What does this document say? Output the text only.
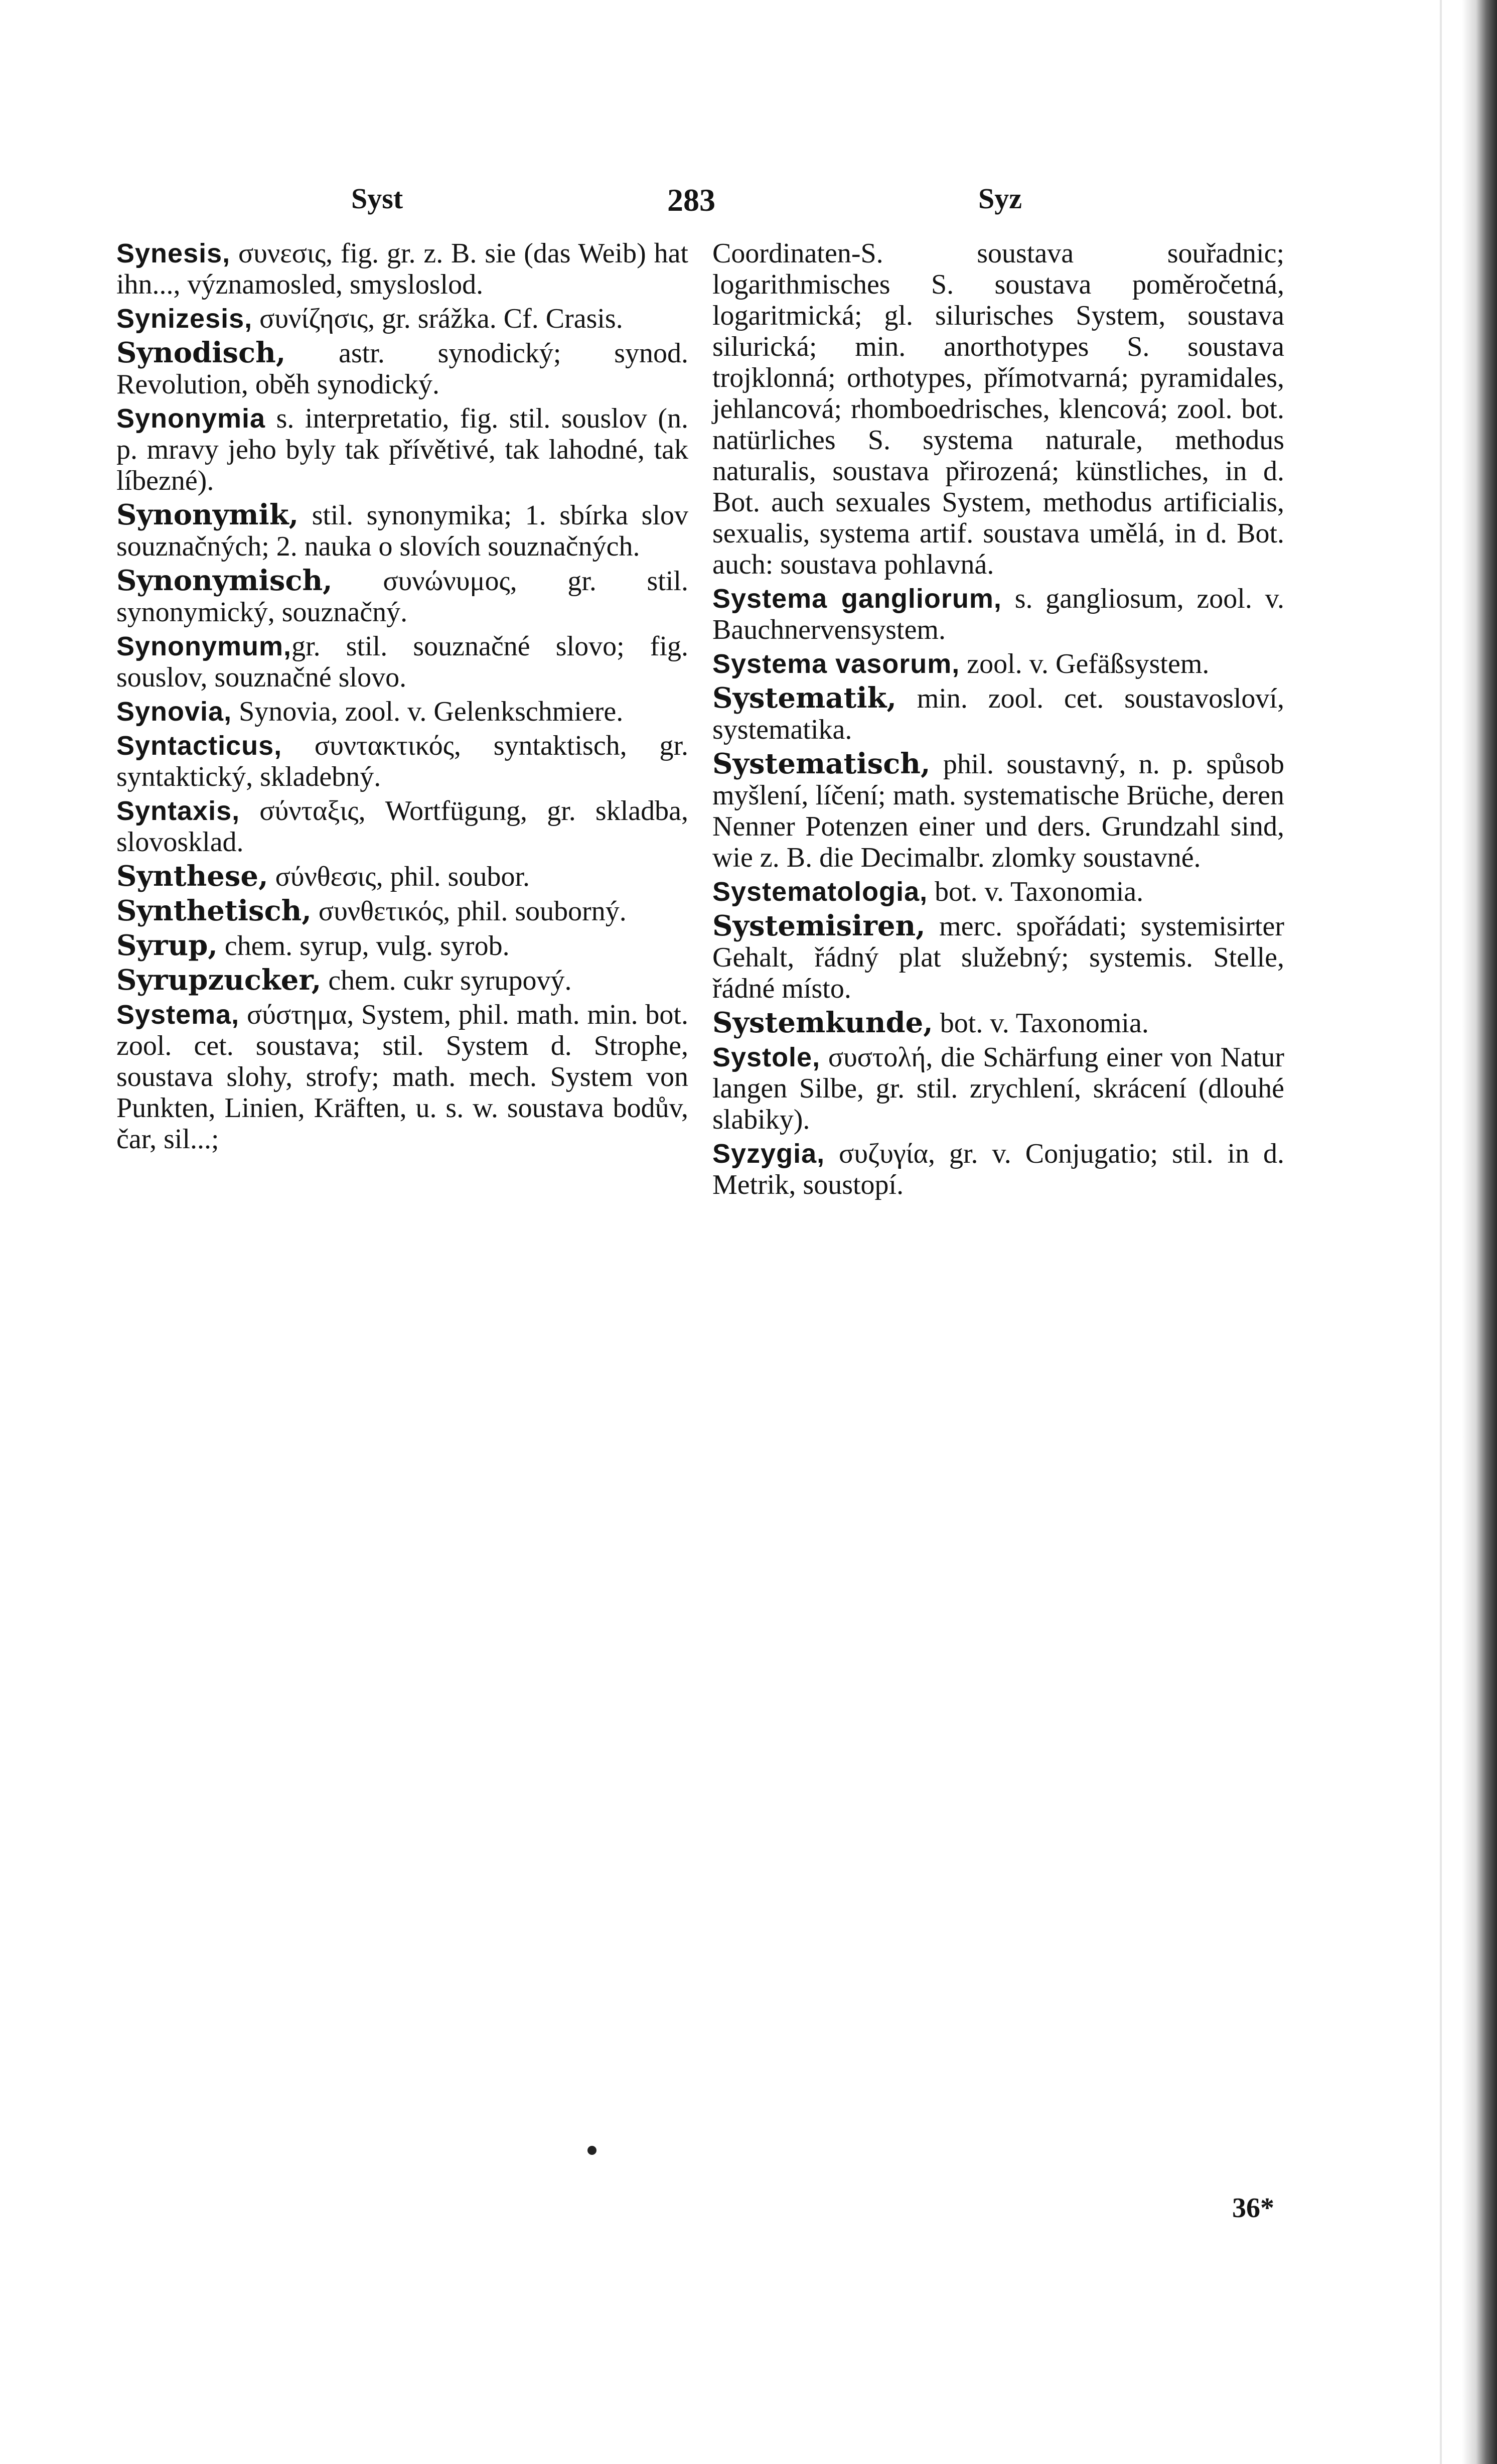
Syst	283	Syz

Synesis, συνεσις, fig. gr. z. B. sie (das Weib) hat ihn..., významosled, smysloslod.

Synizesis, συνίζησις, gr. srážka. Cf. Crasis.

Synodisch, astr. synodický; synod. Revolution, oběh synodický.

Synonymia s. interpretatio, fig. stil. souslov (n. p. mravy jeho byly tak přívětivé, tak lahodné, tak líbezné).

Synonymik, stil. synonymika; 1. sbírka slov souznačných; 2. nauka o slovích souznačných.

Synonymisch, συνώνυμος, gr. stil. synonymický, souznačný.

Synonymum,gr. stil. souznačné slovo; fig. souslov, souznačné slovo.

Synovia, Synovia, zool. v. Gelenkschmiere.

Syntacticus, συντακτικός, syntaktisch, gr. syntaktický, skladebný.

Syntaxis, σύνταξις, Wortfügung, gr. skladba, slovosklad.

Synthese, σύνθεσις, phil. soubor.

Synthetisch, συνθετικός, phil. souborný.

Syrup, chem. syrup, vulg. syrob.

Syrupzucker, chem. cukr syrupový.

Systema, σύστημα, System, phil. math. min. bot. zool. cet. soustava; stil. System d. Strophe, soustava slohy, strofy; math. mech. System von Punkten, Linien, Kräften, u. s. w. soustava bodův, čar, sil...;

Coordinaten-S. soustava souřadnic; logarithmisches S. soustava poměročetná, logaritmická; gl. silurisches System, soustava silurická; min. anorthotypes S. soustava trojklonná; orthotypes, přímotvarná; pyramidales, jehlancová; rhomboedrisches, klencová; zool. bot. natürliches S. systema naturale, methodus naturalis, soustava přirozená; künstliches, in d. Bot. auch sexuales System, methodus artificialis, sexualis, systema artif. soustava umělá, in d. Bot. auch: soustava pohlavná.

Systema gangliorum, s. gangliosum, zool. v. Bauchnervensystem.

Systema vasorum, zool. v. Gefäßsystem.

Systematik, min. zool. cet. soustavosloví, systematika.

Systematisch, phil. soustavný, n. p. spůsob myšlení, líčení; math. systematische Brüche, deren Nenner Potenzen einer und ders. Grundzahl sind, wie z. B. die Decimalbr. zlomky soustavné.

Systematologia, bot. v. Taxonomia.

Systemisiren, merc. spořádati; systemisirter Gehalt, řádný plat služebný; systemis. Stelle, řádné místo.

Systemkunde, bot. v. Taxonomia.

Systole, συστολή, die Schärfung einer von Natur langen Silbe, gr. stil. zrychlení, skrácení (dlouhé slabiky).

Syzygia, συζυγία, gr. v. Conjugatio; stil. in d. Metrik, soustopí.

36*
